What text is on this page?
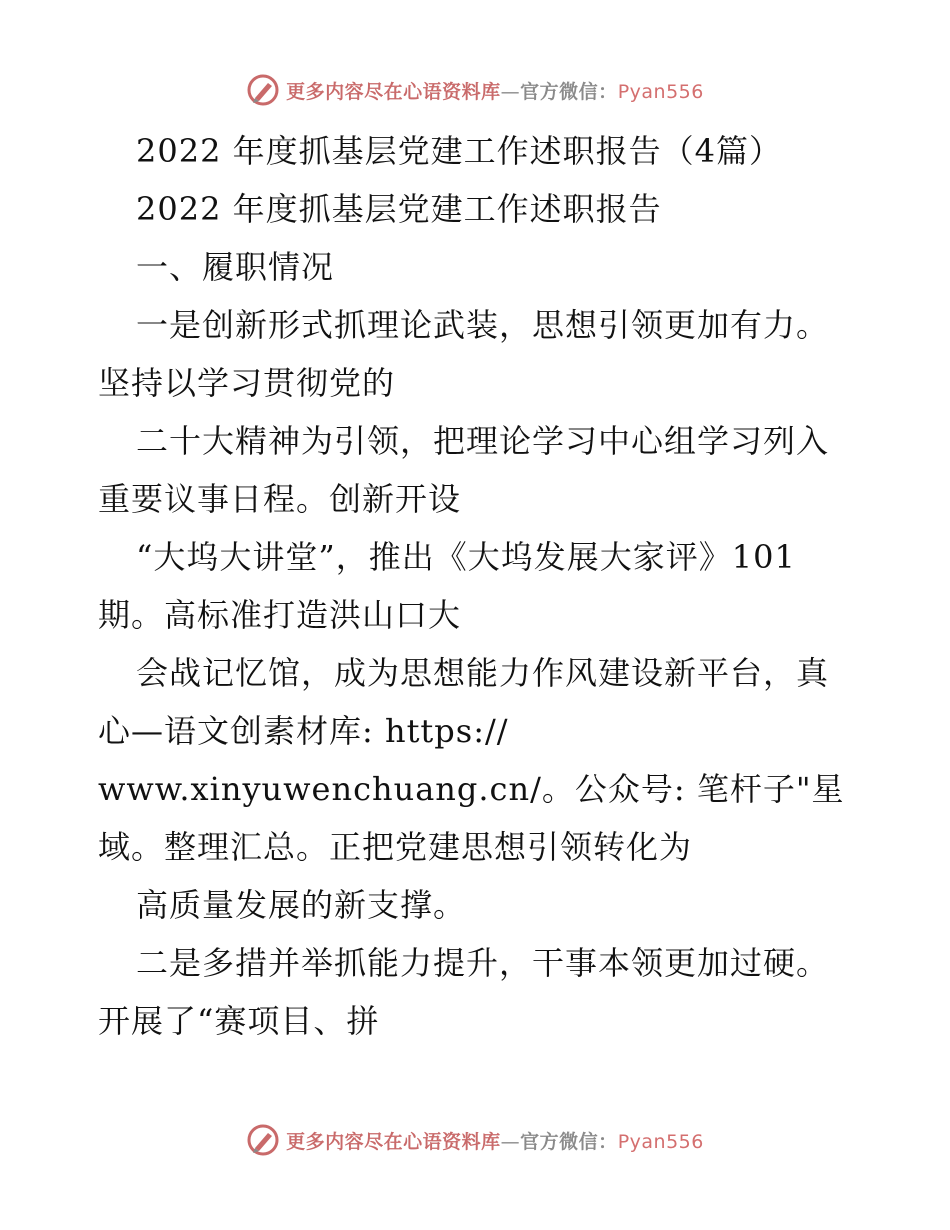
更多内容尽在心语资料库—官方微信：Pyan556
2022 年度抓基层党建工作述职报告（4篇）
2022 年度抓基层党建工作述职报告
一、履职情况
一是创新形式抓理论武装，思想引领更加有力。
坚持以学习贯彻党的
二十大精神为引领，把理论学习中心组学习列入
重要议事日程。创新开设
“大坞大讲堂”，推出《大坞发展大家评》101
期。高标准打造洪山口大
会战记忆馆，成为思想能力作风建设新平台，真
心—语文创素材库: https://
www.xinyuwenchuang.cn/。公众号: 笔杆子"星
域。整理汇总。正把党建思想引领转化为
高质量发展的新支撑。
二是多措并举抓能力提升，干事本领更加过硬。
开展了“赛项目、拼
更多内容尽在心语资料库—官方微信：Pyan556
